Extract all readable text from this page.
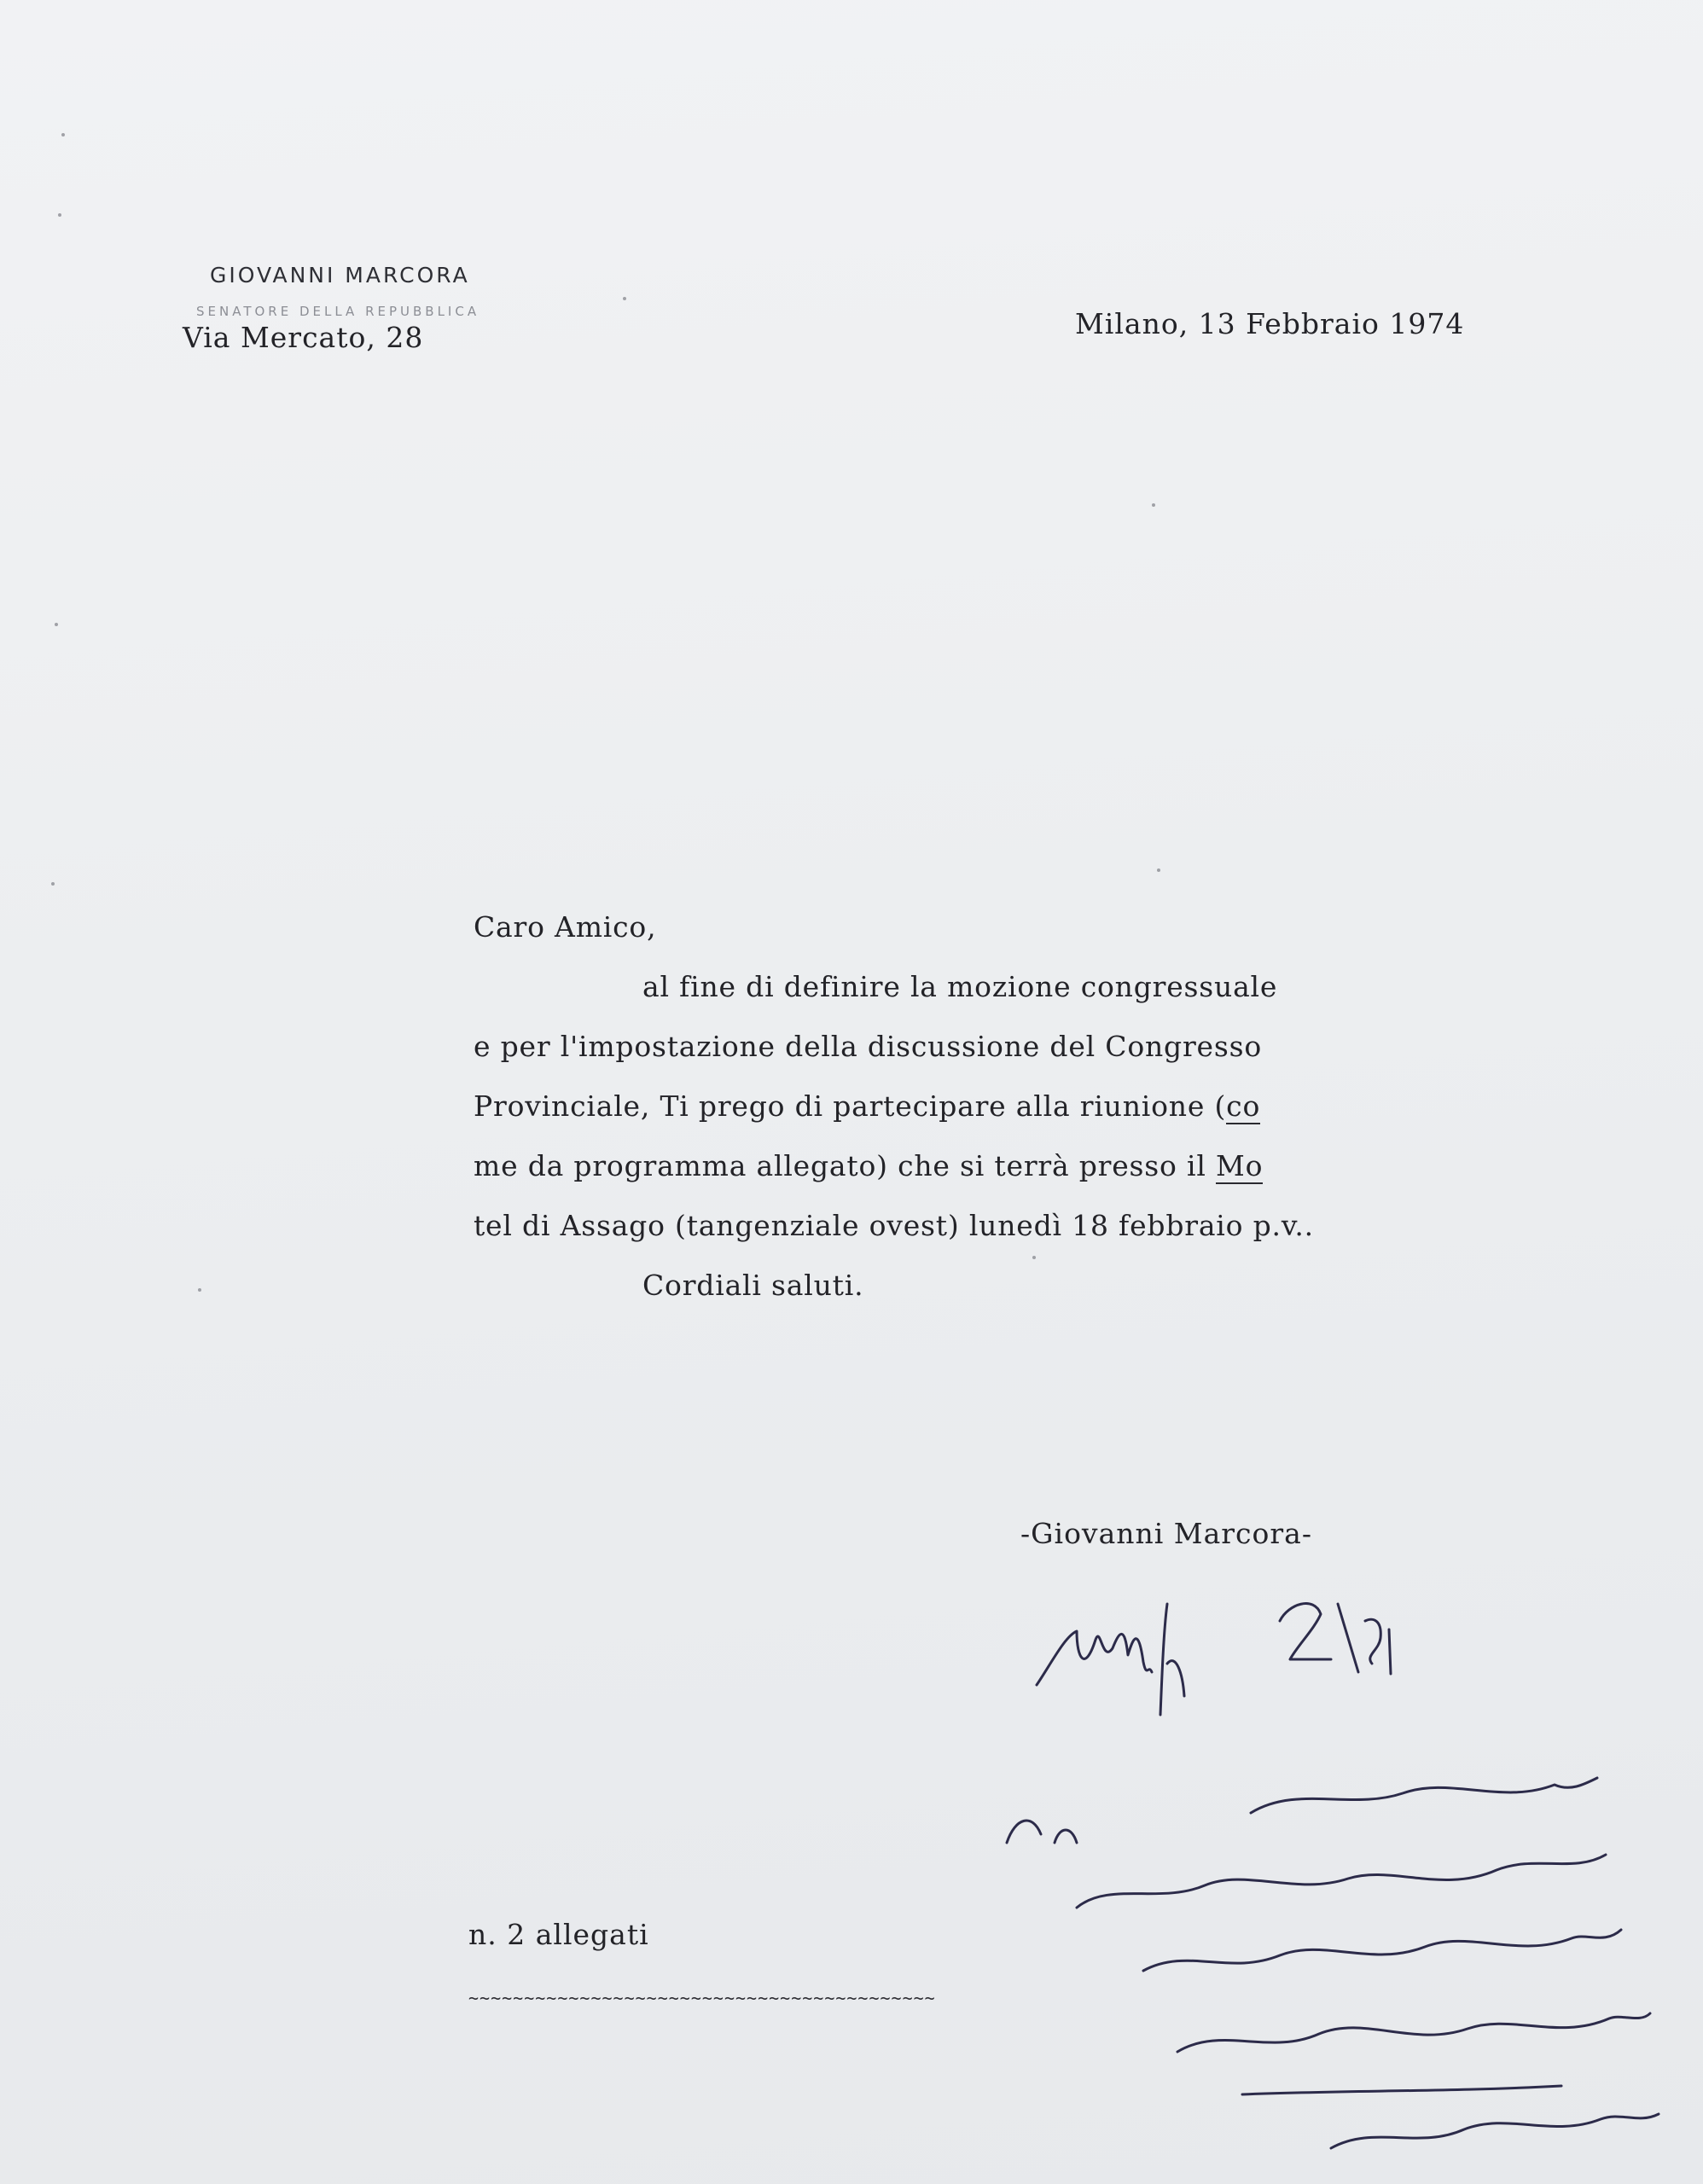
GIOVANNI MARCORA
SENATORE DELLA REPUBBLICA
Via Mercato, 28	Milano, 13 Febbraio 1974
Caro Amico,
al fine di definire la mozione congressuale
e per l'impostazione della discussione del Congresso
Provinciale, Ti prego di partecipare alla riunione (co
me da programma allegato) che si terrà presso il Mo
tel di Assago (tangenziale ovest) lunedì 18 febbraio p.v..
Cordiali saluti.
-Giovanni Marcora-
n. 2 allegati
~~~~~~~~~~~~~~~~~~~~~~~~~~~~~~~~~~~~~~~~~~
